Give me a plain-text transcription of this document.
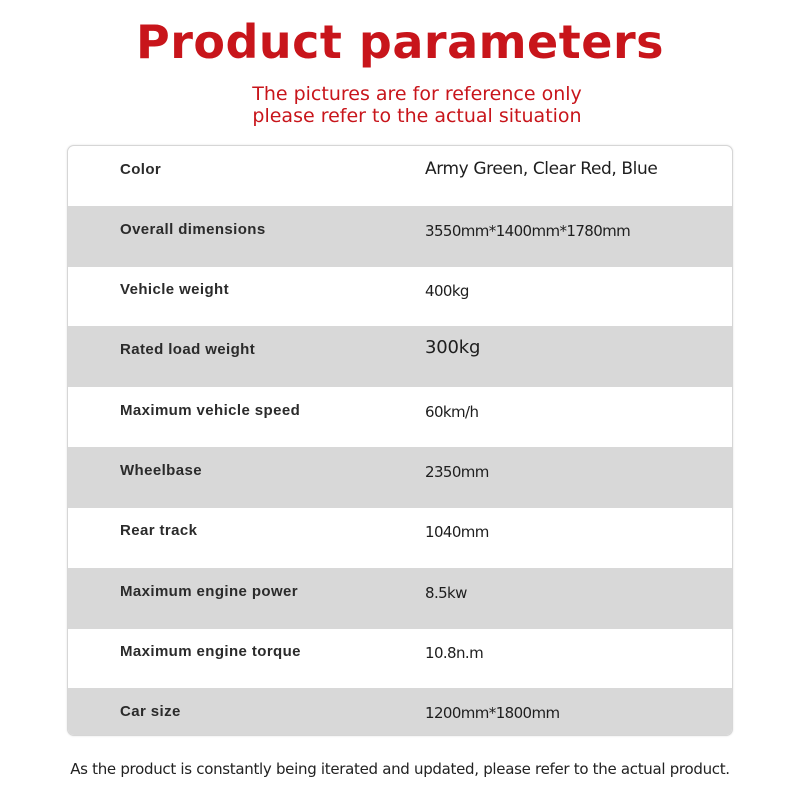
Product parameters
The pictures are for reference only
please refer to the actual situation
Color	Army Green, Clear Red, Blue
Overall dimensions	3550mm*1400mm*1780mm
Vehicle weight	400kg
Rated load weight	300kg
Maximum vehicle speed	60km/h
Wheelbase	2350mm
Rear track	1040mm
Maximum engine power	8.5kw
Maximum engine torque	10.8n.m
Car size	1200mm*1800mm
As the product is constantly being iterated and updated, please refer to the actual product.
